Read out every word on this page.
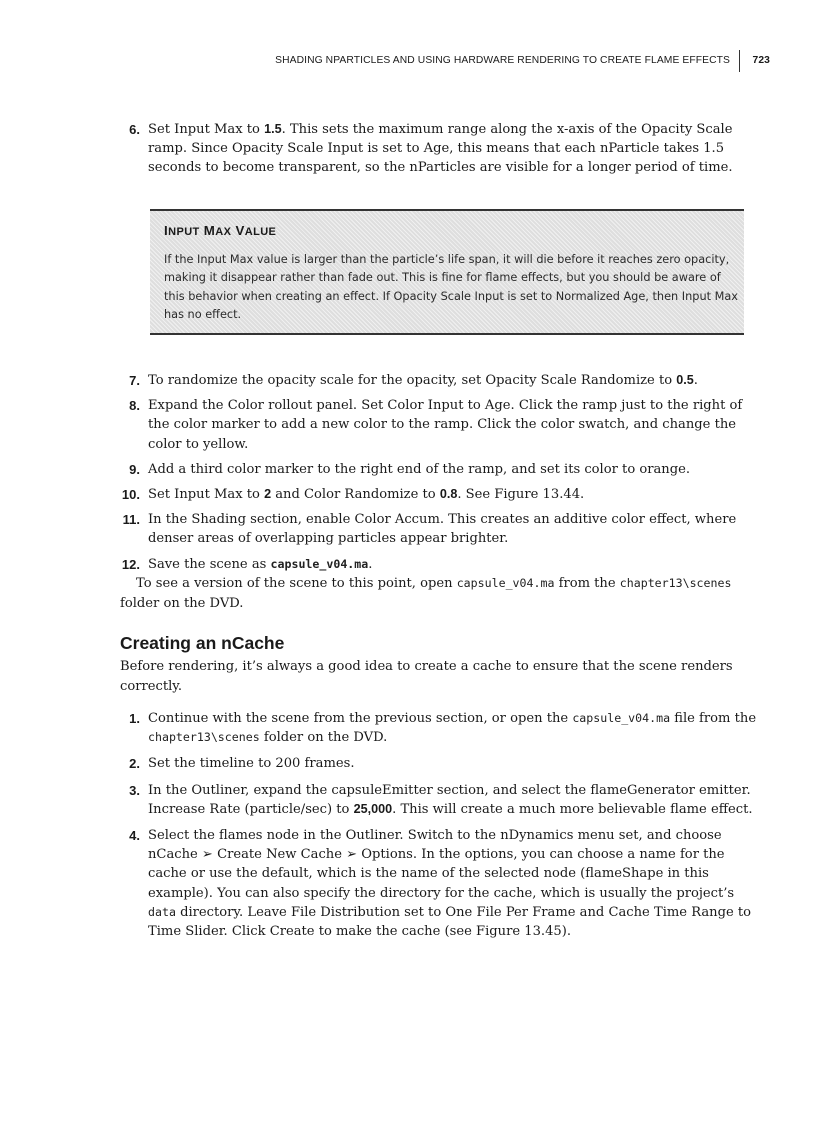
SHADING NPARTICLES AND USING HARDWARE RENDERING TO CREATE FLAME EFFECTS 723
6. Set Input Max to 1.5. This sets the maximum range along the x-axis of the Opacity Scale ramp. Since Opacity Scale Input is set to Age, this means that each nParticle takes 1.5 seconds to become transparent, so the nParticles are visible for a longer period of time.
INPUT MAX VALUE
If the Input Max value is larger than the particle’s life span, it will die before it reaches zero opacity, making it disappear rather than fade out. This is fine for flame effects, but you should be aware of this behavior when creating an effect. If Opacity Scale Input is set to Normalized Age, then Input Max has no effect.
7. To randomize the opacity scale for the opacity, set Opacity Scale Randomize to 0.5.
8. Expand the Color rollout panel. Set Color Input to Age. Click the ramp just to the right of the color marker to add a new color to the ramp. Click the color swatch, and change the color to yellow.
9. Add a third color marker to the right end of the ramp, and set its color to orange.
10. Set Input Max to 2 and Color Randomize to 0.8. See Figure 13.44.
11. In the Shading section, enable Color Accum. This creates an additive color effect, where denser areas of overlapping particles appear brighter.
12. Save the scene as capsule_v04.ma.
To see a version of the scene to this point, open capsule_v04.ma from the chapter13\scenes folder on the DVD.
Creating an nCache
Before rendering, it’s always a good idea to create a cache to ensure that the scene renders correctly.
1. Continue with the scene from the previous section, or open the capsule_v04.ma file from the chapter13\scenes folder on the DVD.
2. Set the timeline to 200 frames.
3. In the Outliner, expand the capsuleEmitter section, and select the flameGenerator emitter. Increase Rate (particle/sec) to 25,000. This will create a much more believable flame effect.
4. Select the flames node in the Outliner. Switch to the nDynamics menu set, and choose nCache ➢ Create New Cache ➢ Options. In the options, you can choose a name for the cache or use the default, which is the name of the selected node (flameShape in this example). You can also specify the directory for the cache, which is usually the project’s data directory. Leave File Distribution set to One File Per Frame and Cache Time Range to Time Slider. Click Create to make the cache (see Figure 13.45).
